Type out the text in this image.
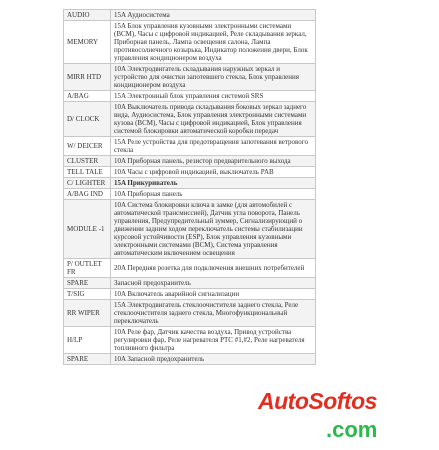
AUDIO	15A Аудиосистема
MEMORY	15A Блок управления кузовными электронными системами (BCM), Часы с цифровой индикацией, Реле складывания зеркал, Приборная панель, Лампа освещения салона, Лампа противосолнечного козырька, Индикатор положения двери, Блок управления кондиционером воздуха
MIRR HTD	10A Электродвигатель складывания наружных зеркал и устройство для очистки запотевшего стекла, Блок управления кондиционером воздуха
A/BAG	15A Электронный блок управления системой SRS
D/ CLOCK	10A Выключатель привода складывания боковых зеркал заднего вида, Аудиосистема, Блок управления электронными системами кузова (BCM), Часы с цифровой индикацией, Блок управления системой блокировки автоматической коробки передач
W/ DEICER	15A Реле устройства для предотвращения запотевания ветрового стекла
CLUSTER	10A Приборная панель, резистор предварительного выхода
TELL TALE	10A Часы с цифровой индикацией, выключатель PAB
C/ LIGHTER	15A Прикуриватель
A/BAG IND	10A Приборная панель
MODULE -1	10A Система блокировки ключа в замке (для автомобилей с автоматической трансмиссией), Датчик угла поворота, Панель управления, Предупредительный зуммер, Сигнализирующий о движении задним ходом переключатель системы стабилизации курсовой устойчивости (ESP), Блок управления кузовными электронными системами (BCM), Система управления автоматическим включением освещения
P/ OUTLET FR	20A Передняя розетка для подключения внешних потребителей
SPARE	Запасной предохранитель
T/SIG	10A Включатель аварийной сигнализации
RR WIPER	15A Электродвигатель стеклоочистителя заднего стекла, Реле стеклоочистителя заднего стекла, Многофункциональный переключатель
H/LP	10A Реле фар, Датчик качества воздуха, Привод устройства регулировки фар, Реле нагревателя PTC #1,#2, Реле нагревателя топливного фильтра
SPARE	10A Запасной предохранитель
AutoSoftos
.com
